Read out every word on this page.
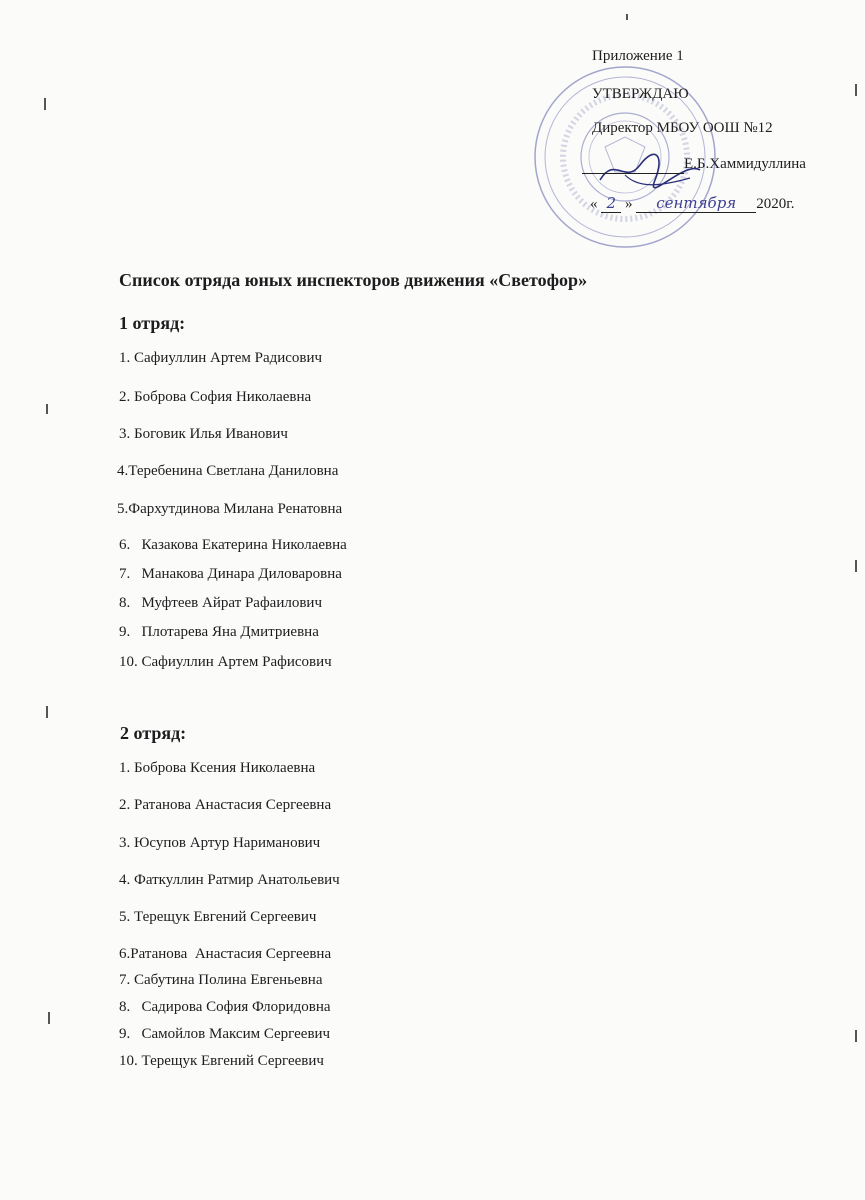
Приложение 1
УТВЕРЖДАЮ
Директор МБОУ ООШ №12
Е.Б.Хаммидуллина
« 2 » сентября 2020г.
Список отряда юных инспекторов движения «Светофор»
1 отряд:
1. Сафиуллин Артем Радисович
2. Боброва София Николаевна
3. Боговик Илья Иванович
4.Теребенина Светлана Даниловна
5.Фархутдинова Милана Ренатовна
6.   Казакова Екатерина Николаевна
7.   Манакова Динара Диловаровна
8.   Муфтеев Айрат Рафаилович
9.   Плотарева Яна Дмитриевна
10. Сафиуллин Артем Рафисович
2 отряд:
1. Боброва Ксения Николаевна
2. Ратанова Анастасия Сергеевна
3. Юсупов Артур Нариманович
4. Фаткуллин Ратмир Анатольевич
5. Терещук Евгений Сергеевич
6.Ратанова  Анастасия Сергеевна
7. Сабутина Полина Евгеньевна
8.   Садирова София Флоридовна
9.   Самойлов Максим Сергеевич
10. Терещук Евгений Сергеевич
